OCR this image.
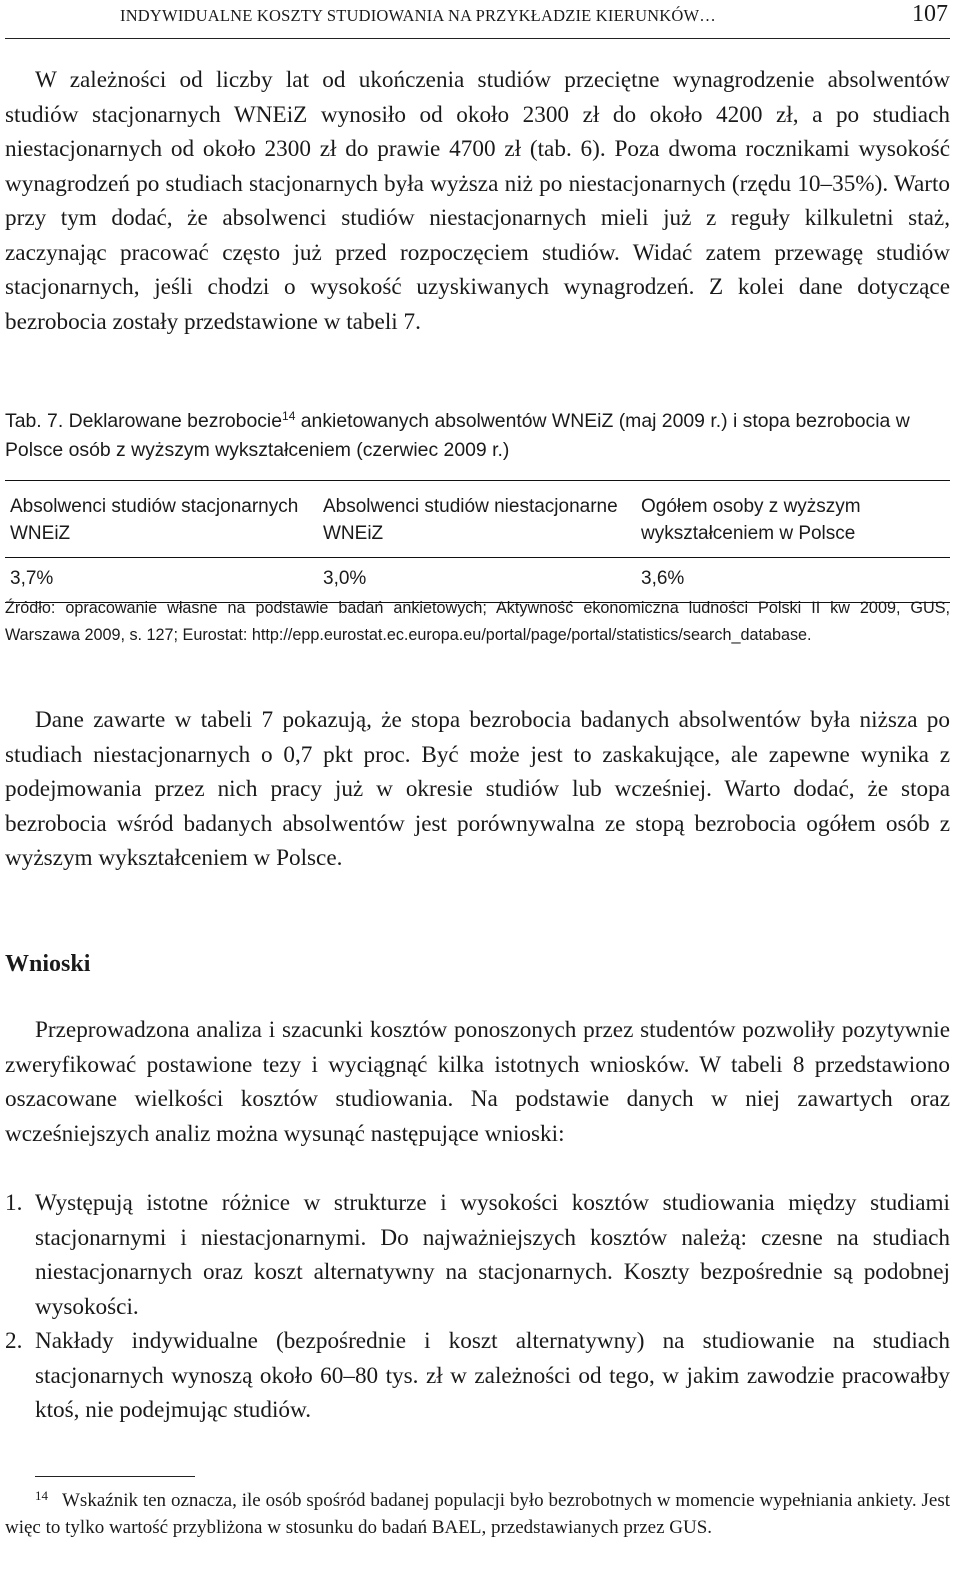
INDYWIDUALNE KOSZTY STUDIOWANIA NA PRZYKŁADZIE KIERUNKÓW…	107

W zależności od liczby lat od ukończenia studiów przeciętne wynagrodzenie absolwentów studiów stacjonarnych WNEiZ wynosiło od około 2300 zł do około 4200 zł, a po studiach niestacjonarnych od około 2300 zł do prawie 4700 zł (tab. 6). Poza dwoma rocznikami wysokość wynagrodzeń po studiach stacjonarnych była wyższa niż po niestacjonarnych (rzędu 10–35%). Warto przy tym dodać, że absolwenci studiów niestacjonarnych mieli już z reguły kilkuletni staż, zaczynając pracować często już przed rozpoczęciem studiów. Widać zatem przewagę studiów stacjonarnych, jeśli chodzi o wysokość uzyskiwanych wynagrodzeń. Z kolei dane dotyczące bezrobocia zostały przedstawione w tabeli 7.

Tab. 7. Deklarowane bezrobocie$^{14}$ ankietowanych absolwentów WNEiZ (maj 2009 r.) i stopa bezrobocia w Polsce osób z wyższym wykształceniem (czerwiec 2009 r.)

Absolwenci studiów stacjonarnych WNEiZ	Absolwenci studiów niestacjonarne WNEiZ	Ogółem osoby z wyższym wykształceniem w Polsce
3,7%	3,0%	3,6%

Źródło: opracowanie własne na podstawie badań ankietowych; Aktywność ekonomiczna ludności Polski II kw 2009, GUS, Warszawa 2009, s. 127; Eurostat: http://epp.eurostat.ec.europa.eu/portal/page/portal/statistics/search_database.

Dane zawarte w tabeli 7 pokazują, że stopa bezrobocia badanych absolwentów była niższa po studiach niestacjonarnych o 0,7 pkt proc. Być może jest to zaskakujące, ale zapewne wynika z podejmowania przez nich pracy już w okresie studiów lub wcześniej. Warto dodać, że stopa bezrobocia wśród badanych absolwentów jest porównywalna ze stopą bezrobocia ogółem osób z wyższym wykształceniem w Polsce.

Wnioski

Przeprowadzona analiza i szacunki kosztów ponoszonych przez studentów pozwoliły pozytywnie zweryfikować postawione tezy i wyciągnąć kilka istotnych wniosków. W tabeli 8 przedstawiono oszacowane wielkości kosztów studiowania. Na podstawie danych w niej zawartych oraz wcześniejszych analiz można wysunąć następujące wnioski:

1. Występują istotne różnice w strukturze i wysokości kosztów studiowania między studiami stacjonarnymi i niestacjonarnymi. Do najważniejszych kosztów należą: czesne na studiach niestacjonarnych oraz koszt alternatywny na stacjonarnych. Koszty bezpośrednie są podobnej wysokości.
2. Nakłady indywidualne (bezpośrednie i koszt alternatywny) na studiowanie na studiach stacjonarnych wynoszą około 60–80 tys. zł w zależności od tego, w jakim zawodzie pracowałby ktoś, nie podejmując studiów.

$^{14}$ Wskaźnik ten oznacza, ile osób spośród badanej populacji było bezrobotnych w momencie wypełniania ankiety. Jest więc to tylko wartość przybliżona w stosunku do badań BAEL, przedstawianych przez GUS.
